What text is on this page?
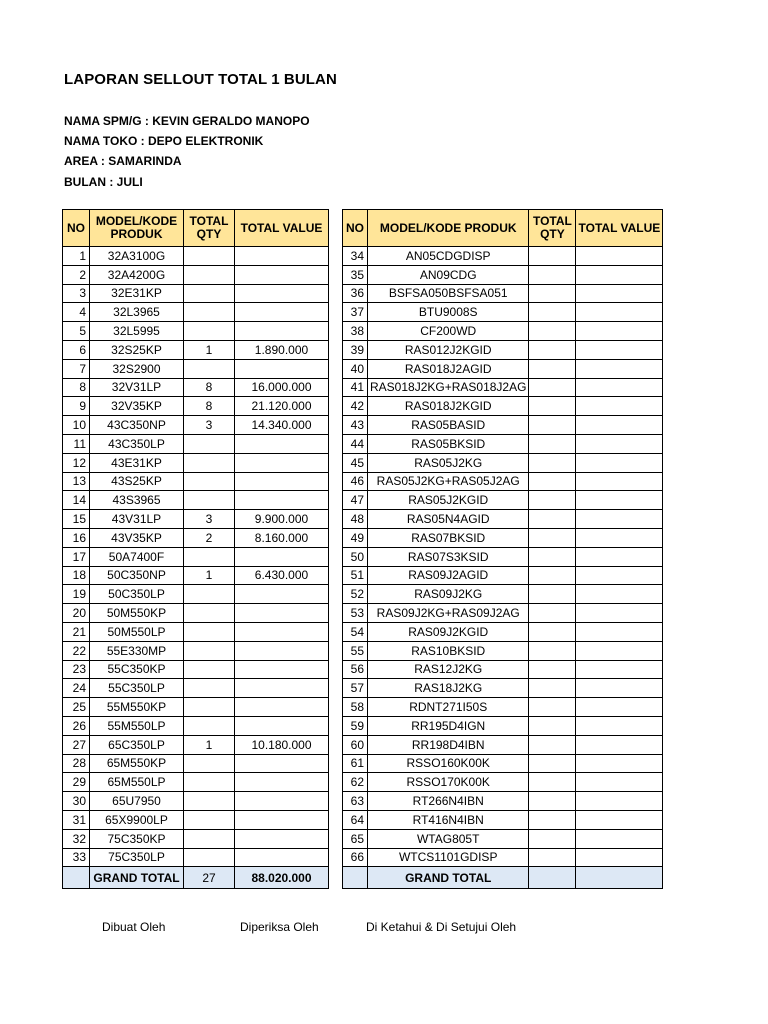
LAPORAN SELLOUT TOTAL 1 BULAN
NAMA SPM/G : KEVIN GERALDO MANOPO
NAMA TOKO : DEPO ELEKTRONIK
AREA : SAMARINDA
BULAN : JULI
NO	MODEL/KODE PRODUK	TOTAL
QTY	TOTAL VALUE
1	32A3100G		
2	32A4200G		
3	32E31KP		
4	32L3965		
5	32L5995		
6	32S25KP	1	1.890.000
7	32S2900		
8	32V31LP	8	16.000.000
9	32V35KP	8	21.120.000
10	43C350NP	3	14.340.000
11	43C350LP		
12	43E31KP		
13	43S25KP		
14	43S3965		
15	43V31LP	3	9.900.000
16	43V35KP	2	8.160.000
17	50A7400F		
18	50C350NP	1	6.430.000
19	50C350LP		
20	50M550KP		
21	50M550LP		
22	55E330MP		
23	55C350KP		
24	55C350LP		
25	55M550KP		
26	55M550LP		
27	65C350LP	1	10.180.000
28	65M550KP		
29	65M550LP		
30	65U7950		
31	65X9900LP		
32	75C350KP		
33	75C350LP		
	GRAND TOTAL	27	88.020.000
NO	MODEL/KODE PRODUK	TOTAL
QTY	TOTAL VALUE
34	AN05CDGDISP		
35	AN09CDG		
36	BSFSA050BSFSA051		
37	BTU9008S		
38	CF200WD		
39	RAS012J2KGID		
40	RAS018J2AGID		
41	RAS018J2KG+RAS018J2AG		
42	RAS018J2KGID		
43	RAS05BASID		
44	RAS05BKSID		
45	RAS05J2KG		
46	RAS05J2KG+RAS05J2AG		
47	RAS05J2KGID		
48	RAS05N4AGID		
49	RAS07BKSID		
50	RAS07S3KSID		
51	RAS09J2AGID		
52	RAS09J2KG		
53	RAS09J2KG+RAS09J2AG		
54	RAS09J2KGID		
55	RAS10BKSID		
56	RAS12J2KG		
57	RAS18J2KG		
58	RDNT271I50S		
59	RR195D4IGN		
60	RR198D4IBN		
61	RSSO160K00K		
62	RSSO170K00K		
63	RT266N4IBN		
64	RT416N4IBN		
65	WTAG805T		
66	WTCS1101GDISP		
	GRAND TOTAL		
Dibuat Oleh	Diperiksa Oleh	Di Ketahui & Di Setujui Oleh
